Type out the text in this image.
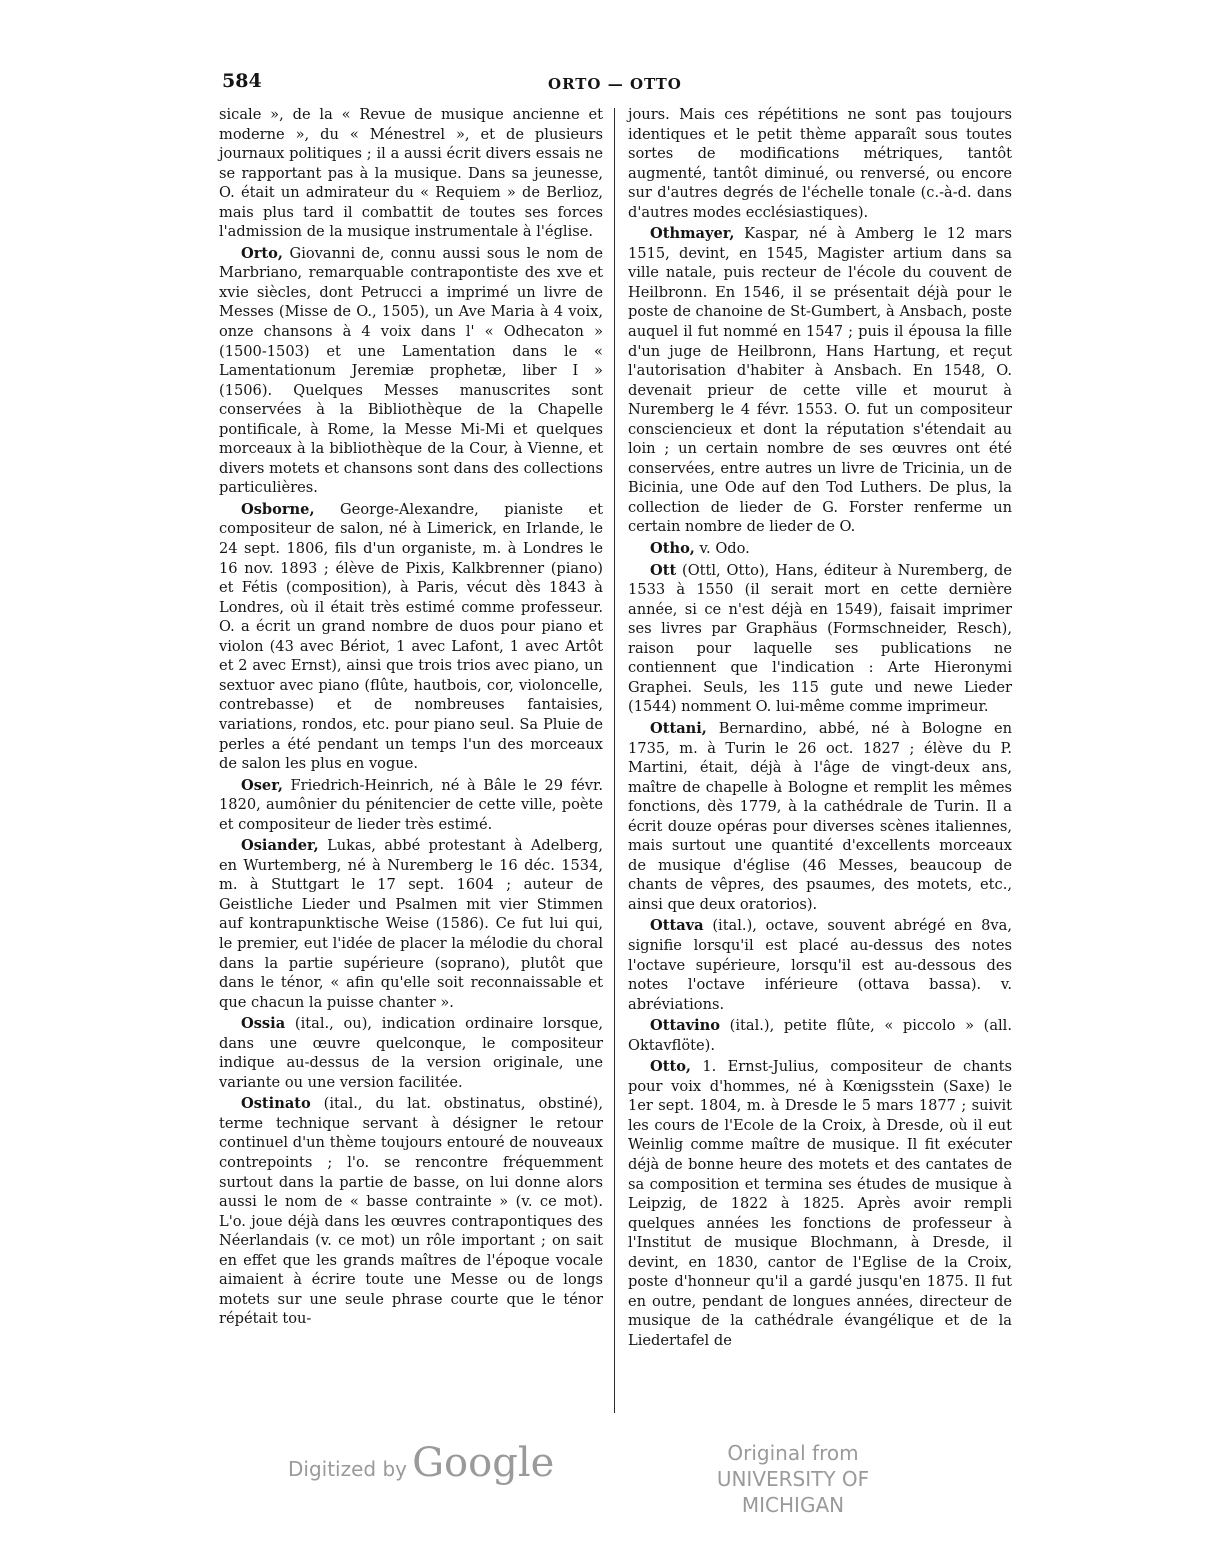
584	ORTO — OTTO

sicale », de la « Revue de musique ancienne et moderne », du « Ménestrel », et de plusieurs journaux politiques ; il a aussi écrit divers essais ne se rapportant pas à la musique. Dans sa jeunesse, O. était un admirateur du « Requiem » de Berlioz, mais plus tard il combattit de toutes ses forces l'admission de la musique instrumentale à l'église.

Orto, Giovanni de, connu aussi sous le nom de Marbriano, remarquable contrapontiste des xve et xvie siècles, dont Petrucci a imprimé un livre de Messes (Misse de O., 1505), un Ave Maria à 4 voix, onze chansons à 4 voix dans l' « Odhecaton » (1500-1503) et une Lamentation dans le « Lamentationum Jeremiæ prophetæ, liber I » (1506). Quelques Messes manuscrites sont conservées à la Bibliothèque de la Chapelle pontificale, à Rome, la Messe Mi-Mi et quelques morceaux à la bibliothèque de la Cour, à Vienne, et divers motets et chansons sont dans des collections particulières.

Osborne, George-Alexandre, pianiste et compositeur de salon, né à Limerick, en Irlande, le 24 sept. 1806, fils d'un organiste, m. à Londres le 16 nov. 1893 ; élève de Pixis, Kalkbrenner (piano) et Fétis (composition), à Paris, vécut dès 1843 à Londres, où il était très estimé comme professeur. O. a écrit un grand nombre de duos pour piano et violon (43 avec Bériot, 1 avec Lafont, 1 avec Artôt et 2 avec Ernst), ainsi que trois trios avec piano, un sextuor avec piano (flûte, hautbois, cor, violoncelle, contrebasse) et de nombreuses fantaisies, variations, rondos, etc. pour piano seul. Sa Pluie de perles a été pendant un temps l'un des morceaux de salon les plus en vogue.

Oser, Friedrich-Heinrich, né à Bâle le 29 févr. 1820, aumônier du pénitencier de cette ville, poète et compositeur de lieder très estimé.

Osiander, Lukas, abbé protestant à Adelberg, en Wurtemberg, né à Nuremberg le 16 déc. 1534, m. à Stuttgart le 17 sept. 1604 ; auteur de Geistliche Lieder und Psalmen mit vier Stimmen auf kontrapunktische Weise (1586). Ce fut lui qui, le premier, eut l'idée de placer la mélodie du choral dans la partie supérieure (soprano), plutôt que dans le ténor, « afin qu'elle soit reconnaissable et que chacun la puisse chanter ».

Ossia (ital., ou), indication ordinaire lorsque, dans une œuvre quelconque, le compositeur indique au-dessus de la version originale, une variante ou une version facilitée.

Ostinato (ital., du lat. obstinatus, obstiné), terme technique servant à désigner le retour continuel d'un thème toujours entouré de nouveaux contrepoints ; l'o. se rencontre fréquemment surtout dans la partie de basse, on lui donne alors aussi le nom de « basse contrainte » (v. ce mot). L'o. joue déjà dans les œuvres contrapontiques des Néerlandais (v. ce mot) un rôle important ; on sait en effet que les grands maîtres de l'époque vocale aimaient à écrire toute une Messe ou de longs motets sur une seule phrase courte que le ténor répétait tou-

jours. Mais ces répétitions ne sont pas toujours identiques et le petit thème apparaît sous toutes sortes de modifications métriques, tantôt augmenté, tantôt diminué, ou renversé, ou encore sur d'autres degrés de l'échelle tonale (c.-à-d. dans d'autres modes ecclésiastiques).

Othmayer, Kaspar, né à Amberg le 12 mars 1515, devint, en 1545, Magister artium dans sa ville natale, puis recteur de l'école du couvent de Heilbronn. En 1546, il se présentait déjà pour le poste de chanoine de St-Gumbert, à Ansbach, poste auquel il fut nommé en 1547 ; puis il épousa la fille d'un juge de Heilbronn, Hans Hartung, et reçut l'autorisation d'habiter à Ansbach. En 1548, O. devenait prieur de cette ville et mourut à Nuremberg le 4 févr. 1553. O. fut un compositeur consciencieux et dont la réputation s'étendait au loin ; un certain nombre de ses œuvres ont été conservées, entre autres un livre de Tricinia, un de Bicinia, une Ode auf den Tod Luthers. De plus, la collection de lieder de G. Forster renferme un certain nombre de lieder de O.

Otho, v. Odo.

Ott (Ottl, Otto), Hans, éditeur à Nuremberg, de 1533 à 1550 (il serait mort en cette dernière année, si ce n'est déjà en 1549), faisait imprimer ses livres par Graphäus (Formschneider, Resch), raison pour laquelle ses publications ne contiennent que l'indication : Arte Hieronymi Graphei. Seuls, les 115 gute und newe Lieder (1544) nomment O. lui-même comme imprimeur.

Ottani, Bernardino, abbé, né à Bologne en 1735, m. à Turin le 26 oct. 1827 ; élève du P. Martini, était, déjà à l'âge de vingt-deux ans, maître de chapelle à Bologne et remplit les mêmes fonctions, dès 1779, à la cathédrale de Turin. Il a écrit douze opéras pour diverses scènes italiennes, mais surtout une quantité d'excellents morceaux de musique d'église (46 Messes, beaucoup de chants de vêpres, des psaumes, des motets, etc., ainsi que deux oratorios).

Ottava (ital.), octave, souvent abrégé en 8va, signifie lorsqu'il est placé au-dessus des notes l'octave supérieure, lorsqu'il est au-dessous des notes l'octave inférieure (ottava bassa). v. abréviations.

Ottavino (ital.), petite flûte, « piccolo » (all. Oktavflöte).

Otto, 1. Ernst-Julius, compositeur de chants pour voix d'hommes, né à Kœnigsstein (Saxe) le 1er sept. 1804, m. à Dresde le 5 mars 1877 ; suivit les cours de l'Ecole de la Croix, à Dresde, où il eut Weinlig comme maître de musique. Il fit exécuter déjà de bonne heure des motets et des cantates de sa composition et termina ses études de musique à Leipzig, de 1822 à 1825. Après avoir rempli quelques années les fonctions de professeur à l'Institut de musique Blochmann, à Dresde, il devint, en 1830, cantor de l'Eglise de la Croix, poste d'honneur qu'il a gardé jusqu'en 1875. Il fut en outre, pendant de longues années, directeur de musique de la cathédrale évangélique et de la Liedertafel de

Digitized by Google	Original from
UNIVERSITY OF MICHIGAN
